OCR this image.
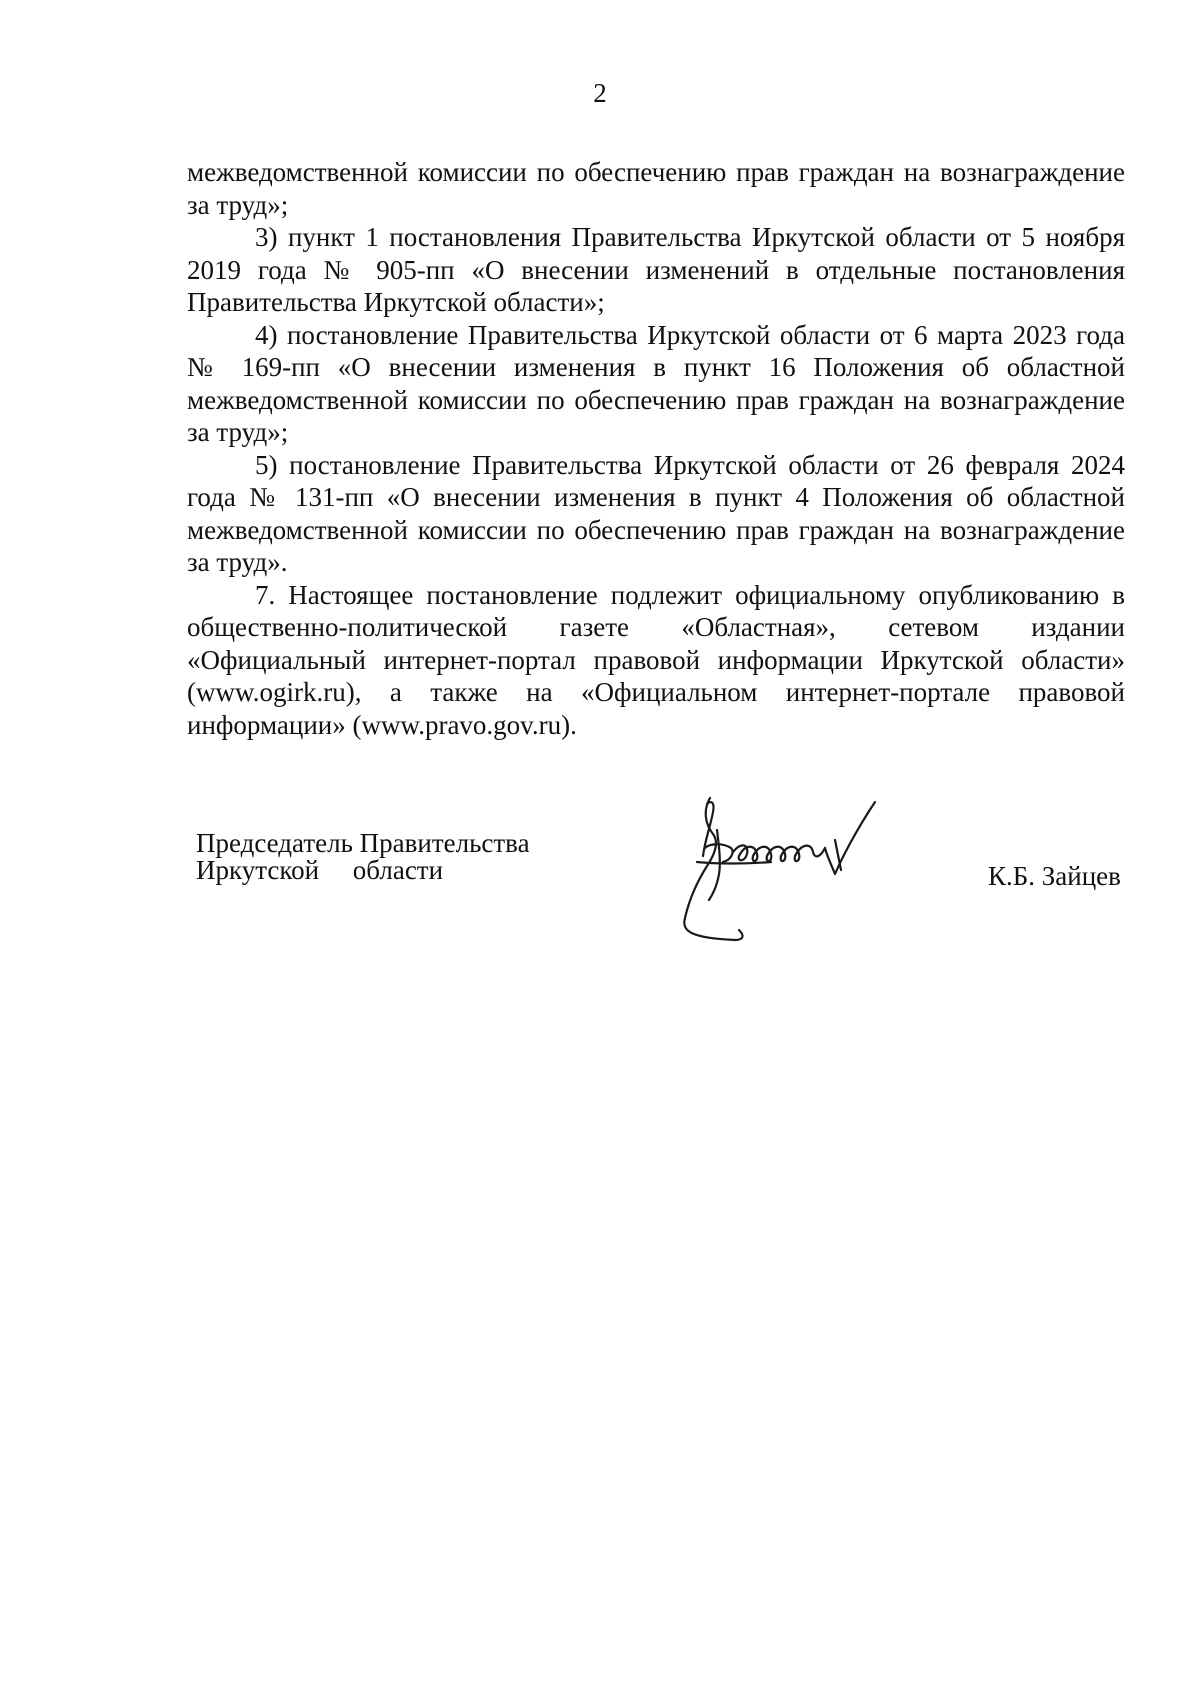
2

межведомственной комиссии по обеспечению прав граждан на вознаграждение за труд»;

3) пункт 1 постановления Правительства Иркутской области от 5 ноября 2019 года № 905-пп «О внесении изменений в отдельные постановления Правительства Иркутской области»;

4) постановление Правительства Иркутской области от 6 марта 2023 года № 169-пп «О внесении изменения в пункт 16 Положения об областной межведомственной комиссии по обеспечению прав граждан на вознаграждение за труд»;

5) постановление Правительства Иркутской области от 26 февраля 2024 года № 131-пп «О внесении изменения в пункт 4 Положения об областной межведомственной комиссии по обеспечению прав граждан на вознаграждение за труд».

7. Настоящее постановление подлежит официальному опубликованию в общественно-политической газете «Областная», сетевом издании «Официальный интернет-портал правовой информации Иркутской области» (www.ogirk.ru), а также на «Официальном интернет-портале правовой информации» (www.pravo.gov.ru).

Председатель Правительства
Иркутской     области	К.Б. Зайцев
